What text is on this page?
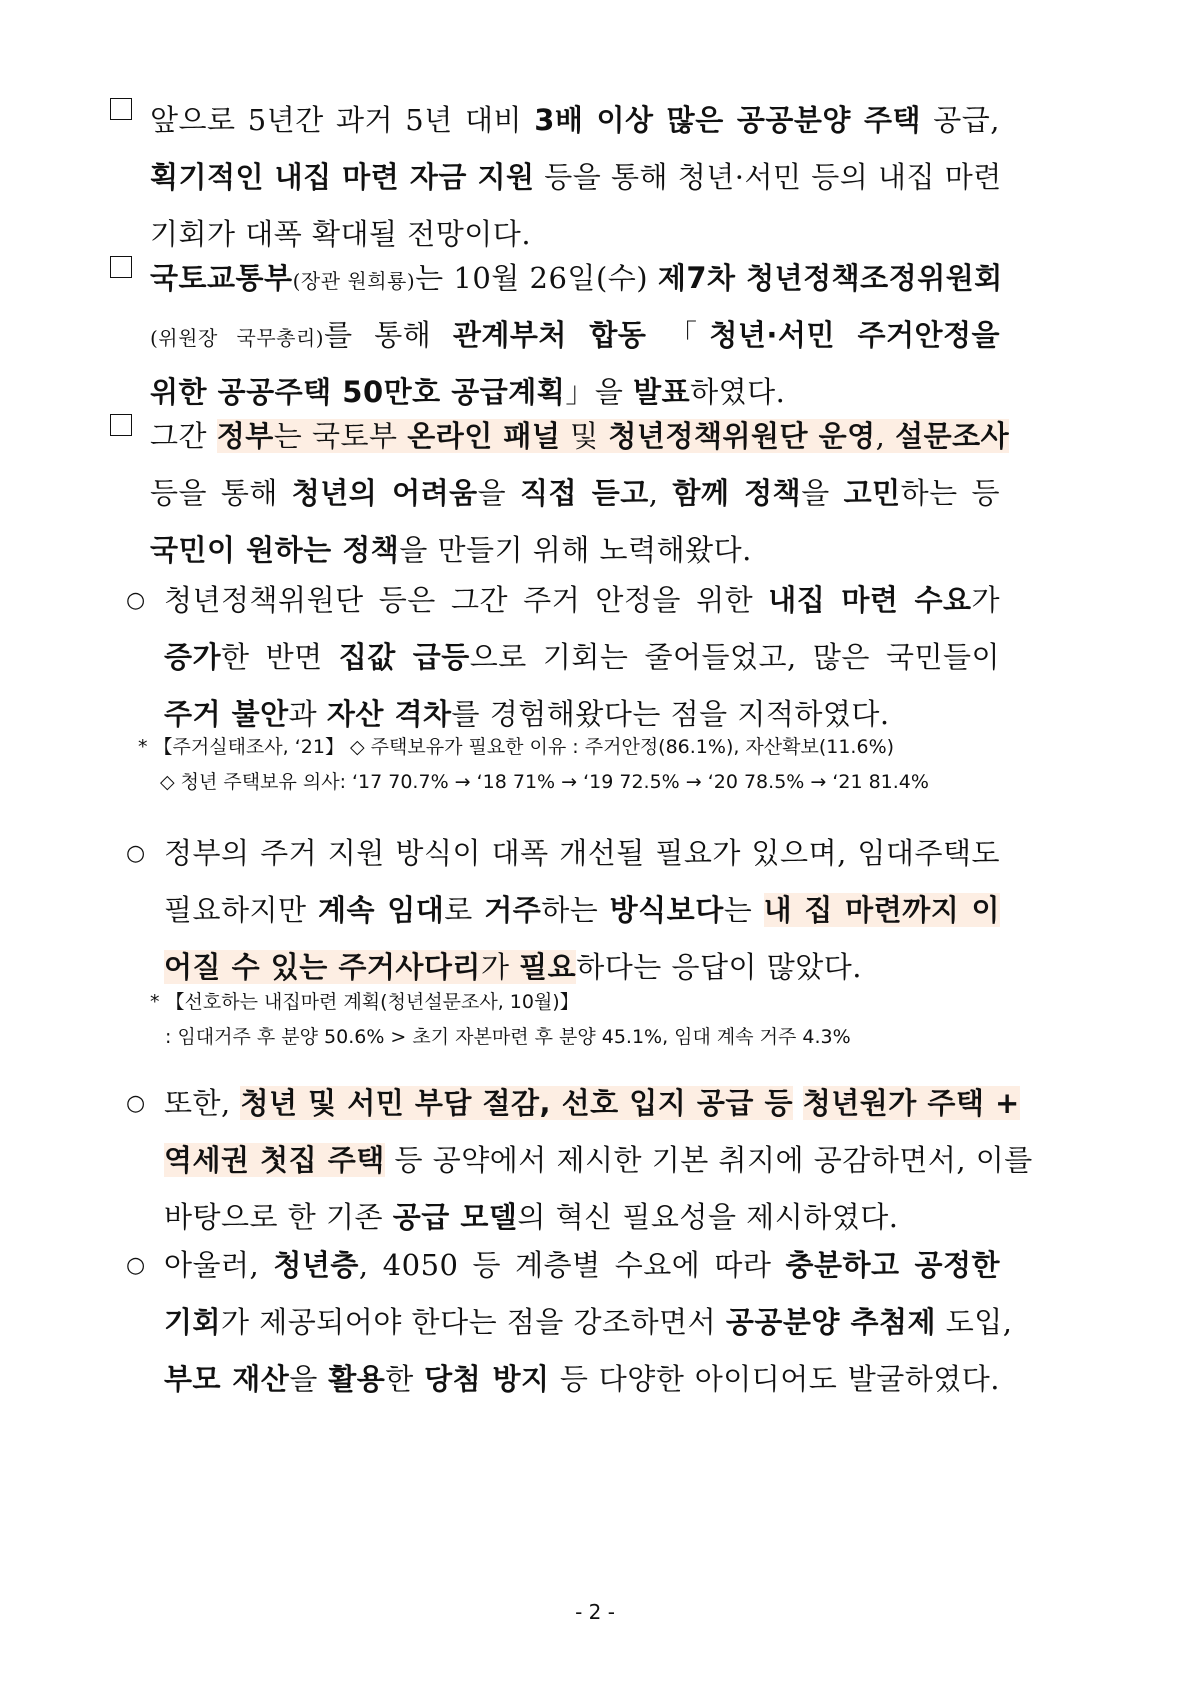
앞으로 5년간 과거 5년 대비 3배 이상 많은 공공분양 주택 공급,
획기적인 내집 마련 자금 지원 등을 통해 청년·서민 등의 내집 마련
기회가 대폭 확대될 전망이다.
국토교통부(장관 원희룡)는 10월 26일(수) 제7차 청년정책조정위원회
(위원장 국무총리)를 통해 관계부처 합동 「청년·서민 주거안정을
위한 공공주택 50만호 공급계획」을 발표하였다.
그간 정부는 국토부 온라인 패널 및 청년정책위원단 운영, 설문조사
등을 통해 청년의 어려움을 직접 듣고, 함께 정책을 고민하는 등
국민이 원하는 정책을 만들기 위해 노력해왔다.
○ 청년정책위원단 등은 그간 주거 안정을 위한 내집 마련 수요가
증가한 반면 집값 급등으로 기회는 줄어들었고, 많은 국민들이
주거 불안과 자산 격차를 경험해왔다는 점을 지적하였다.
* 【주거실태조사, ‘21】 ◇ 주택보유가 필요한 이유 : 주거안정(86.1%), 자산확보(11.6%)
◇ 청년 주택보유 의사: ‘17 70.7% → ‘18 71% → ‘19 72.5% → ‘20 78.5% → ‘21 81.4%
○ 정부의 주거 지원 방식이 대폭 개선될 필요가 있으며, 임대주택도
필요하지만 계속 임대로 거주하는 방식보다는 내 집 마련까지 이
어질 수 있는 주거사다리가 필요하다는 응답이 많았다.
* 【선호하는 내집마련 계획(청년설문조사, 10월)】
: 임대거주 후 분양 50.6% > 초기 자본마련 후 분양 45.1%, 임대 계속 거주 4.3%
○ 또한, 청년 및 서민 부담 절감, 선호 입지 공급 등 청년원가 주택 +
역세권 첫집 주택 등 공약에서 제시한 기본 취지에 공감하면서, 이를
바탕으로 한 기존 공급 모델의 혁신 필요성을 제시하였다.
○ 아울러, 청년층, 4050 등 계층별 수요에 따라 충분하고 공정한
기회가 제공되어야 한다는 점을 강조하면서 공공분양 추첨제 도입,
부모 재산을 활용한 당첨 방지 등 다양한 아이디어도 발굴하였다.
- 2 -
